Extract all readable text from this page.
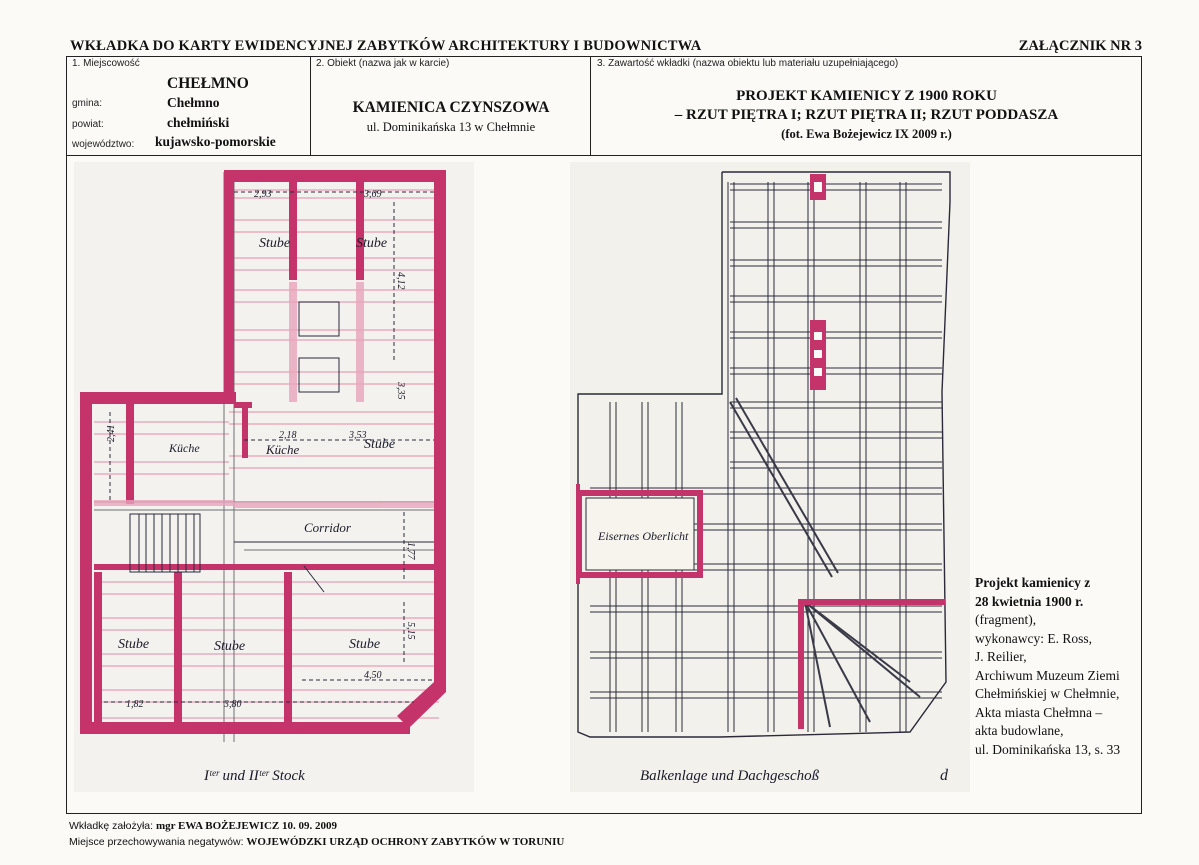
WKŁADKA DO KARTY EWIDENCYJNEJ ZABYTKÓW ARCHITEKTURY I BUDOWNICTWA	ZAŁĄCZNIK NR 3
1. Miejscowość
CHEŁMNO
gmina:	Chełmno
powiat:	chełmiński
województwo: kujawsko-pomorskie
2. Obiekt (nazwa jak w karcie)
KAMIENICA CZYNSZOWA
ul. Dominikańska 13 w Chełmnie
3. Zawartość wkładki (nazwa obiektu lub materiału uzupełniającego)
PROJEKT KAMIENICY Z 1900 ROKU
– RZUT PIĘTRA I; RZUT PIĘTRA II; RZUT PODDASZA
(fot. Ewa Bożejewicz IX 2009 r.)
Stube	Stube
Küche	Küche	Stube
Corridor
Stube	Stube	Stube
2,93	3,69
4,12
2,18	3,53
3,35
1,77
4,50
3,80
1,82
2,41
5,15
Iᵗᵉʳ und IIᵗᵉʳ Stock
Eisernes Oberlicht
Balkenlage und Dachgeschoß	d
Projekt kamienicy z
28 kwietnia 1900 r.
(fragment),
wykonawcy: E. Ross,
J. Reilier,
Archiwum Muzeum Ziemi
Chełmińskiej w Chełmnie,
Akta miasta Chełmna –
akta budowlane,
ul. Dominikańska 13, s. 33
Wkładkę założyła: mgr EWA BOŻEJEWICZ 10. 09. 2009
Miejsce przechowywania negatywów: WOJEWÓDZKI URZĄD OCHRONY ZABYTKÓW W TORUNIU
